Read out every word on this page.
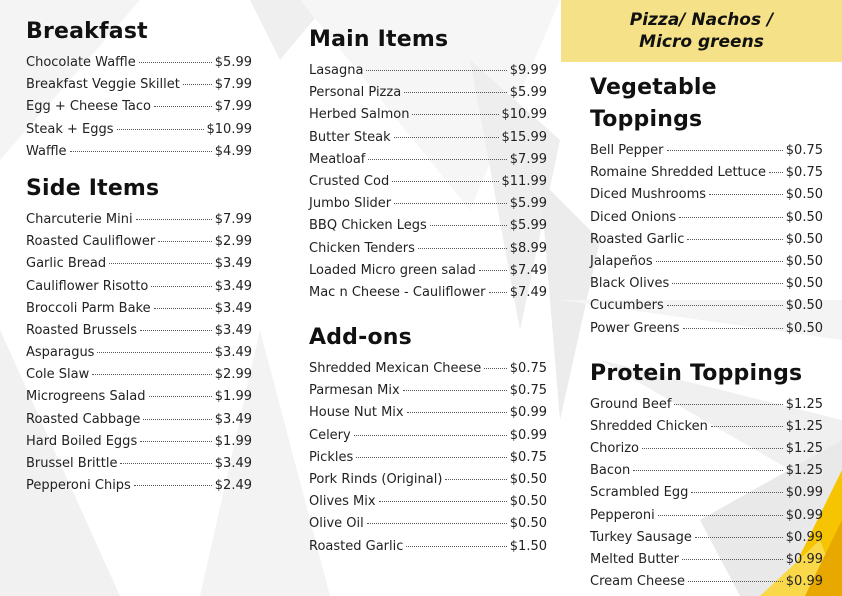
Pizza/ Nachos /
Micro greens
Breakfast
Chocolate Waffle	$5.99
Breakfast Veggie Skillet	$7.99
Egg + Cheese Taco	$7.99
Steak + Eggs	$10.99
Waffle	$4.99
Side Items
Charcuterie Mini	$7.99
Roasted Cauliflower	$2.99
Garlic Bread	$3.49
Cauliflower Risotto	$3.49
Broccoli Parm Bake	$3.49
Roasted Brussels	$3.49
Asparagus	$3.49
Cole Slaw	$2.99
Microgreens Salad	$1.99
Roasted Cabbage	$3.49
Hard Boiled Eggs	$1.99
Brussel Brittle	$3.49
Pepperoni Chips	$2.49
Main Items
Lasagna	$9.99
Personal Pizza	$5.99
Herbed Salmon	$10.99
Butter Steak	$15.99
Meatloaf	$7.99
Crusted Cod	$11.99
Jumbo Slider	$5.99
BBQ Chicken Legs	$5.99
Chicken Tenders	$8.99
Loaded Micro green salad	$7.49
Mac n Cheese - Cauliflower $7.49
Add-ons
Shredded Mexican Cheese $0.75
Parmesan Mix	$0.75
House Nut Mix	$0.99
Celery	$0.99
Pickles	$0.75
Pork Rinds (Original)	$0.50
Olives Mix	$0.50
Olive Oil	$0.50
Roasted Garlic	$1.50
Vegetable Toppings
Bell Pepper	$0.75
Romaine Shredded Lettuce $0.75
Diced Mushrooms	$0.50
Diced Onions	$0.50
Roasted Garlic	$0.50
Jalapeños	$0.50
Black Olives	$0.50
Cucumbers	$0.50
Power Greens	$0.50
Protein Toppings
Ground Beef	$1.25
Shredded Chicken	$1.25
Chorizo	$1.25
Bacon	$1.25
Scrambled Egg	$0.99
Pepperoni	$0.99
Turkey Sausage	$0.99
Melted Butter	$0.99
Cream Cheese	$0.99
